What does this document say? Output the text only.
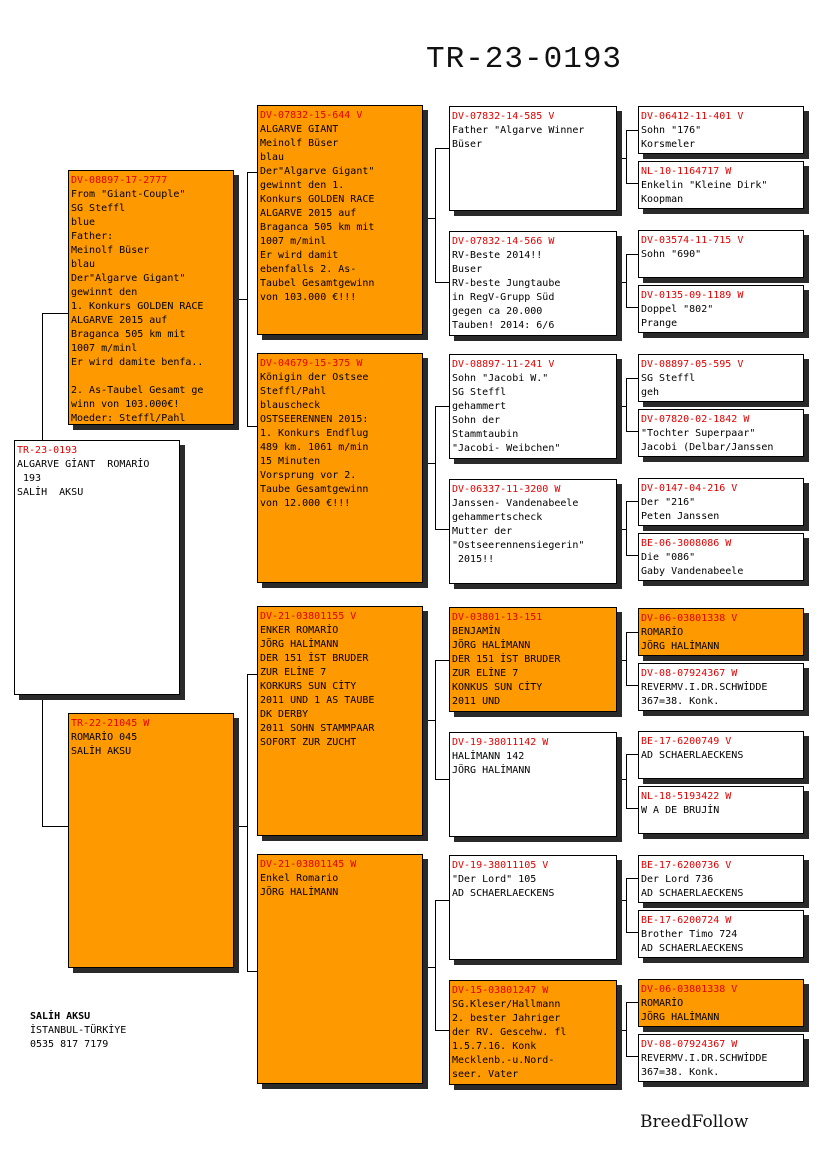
TR-23-0193
TR-23-0193
ALGARVE GİANT  ROMARİO
193
SALİH  AKSU
DV-08897-17-2777
From "Giant-Couple"
SG Steffl
blue
Father:
Meinolf Büser
blau
Der"Algarve Gigant"
gewinnt den
1. Konkurs GOLDEN RACE
ALGARVE 2015 auf
Braganca 505 km mit
1007 m/minl
Er wird damite benfa..

2. As-Taubel Gesamt ge
winn von 103.000€!
Moeder: Steffl/Pahl
TR-22-21045 W
ROMARİO 045
SALİH AKSU
DV-07832-15-644 V
ALGARVE GIANT
Meinolf Büser
blau
Der"Algarve Gigant"
gewinnt den 1.
Konkurs GOLDEN RACE
ALGARVE 2015 auf
Braganca 505 km mit
1007 m/minl
Er wird damit
ebenfalls 2. As-
Taubel Gesamtgewinn
von 103.000 €!!!
DV-04679-15-375 W
Königin der Ostsee
Steffl/Pahl
blauscheck
OSTSEERENNEN 2015:
1. Konkurs Endflug
489 km. 1061 m/min
15 Minuten
Vorsprung vor 2.
Taube Gesamtgewinn
von 12.000 €!!!
DV-21-03801155 V
ENKER ROMARİO
JÖRG HALİMANN
DER 151 İST BRUDER
ZUR ELİNE 7
KORKURS SUN CİTY
2011 UND 1 AS TAUBE
DK DERBY
2011 SOHN STAMMPAAR
SOFORT ZUR ZUCHT
DV-21-03801145 W
Enkel Romario
JÖRG HALİMANN
DV-07832-14-585 V
Father "Algarve Winner
Büser
DV-07832-14-566 W
RV-Beste 2014!!
Buser
RV-beste Jungtaube
in RegV-Grupp Süd
gegen ca 20.000
Tauben! 2014: 6/6
DV-08897-11-241 V
Sohn "Jacobi W."
SG Steffl
gehammert
Sohn der
Stammtaubin
"Jacobi- Weibchen"
DV-06337-11-3200 W
Janssen- Vandenabeele
gehammertscheck
Mutter der
"Ostseerennensiegerin"
2015!!
DV-03801-13-151
BENJAMİN
JÖRG HALİMANN
DER 151 İST BRUDER
ZUR ELİNE 7
KONKUS SUN CİTY
2011 UND
DV-19-38011142 W
HALİMANN 142
JÖRG HALİMANN
DV-19-38011105 V
"Der Lord" 105
AD SCHAERLAECKENS
DV-15-03801247 W
SG.Kleser/Hallmann
2. bester Jahriger
der RV. Gescehw. fl
1.5.7.16. Konk
Mecklenb.-u.Nord-
seer. Vater
DV-06412-11-401 V
Sohn "176"
Korsmeler
NL-10-1164717 W
Enkelin "Kleine Dirk"
Koopman
DV-03574-11-715 V
Sohn "690"
DV-0135-09-1189 W
Doppel "802"
Prange
DV-08897-05-595 V
SG Steffl
geh
DV-07820-02-1842 W
"Tochter Superpaar"
Jacobi (Delbar/Janssen
DV-0147-04-216 V
Der "216"
Peten Janssen
BE-06-3008086 W
Die "086"
Gaby Vandenabeele
DV-06-03801338 V
ROMARİO
JÖRG HALİMANN
DV-08-07924367 W
REVERMV.I.DR.SCHWİDDE
367=38. Konk.
BE-17-6200749 V
AD SCHAERLAECKENS
NL-18-5193422 W
W A DE BRUJİN
BE-17-6200736 V
Der Lord 736
AD SCHAERLAECKENS
BE-17-6200724 W
Brother Timo 724
AD SCHAERLAECKENS
DV-06-03801338 V
ROMARİO
JÖRG HALİMANN
DV-08-07924367 W
REVERMV.I.DR.SCHWİDDE
367=38. Konk.
SALİH AKSU
İSTANBUL-TÜRKİYE
0535 817 7179
BreedFollow
